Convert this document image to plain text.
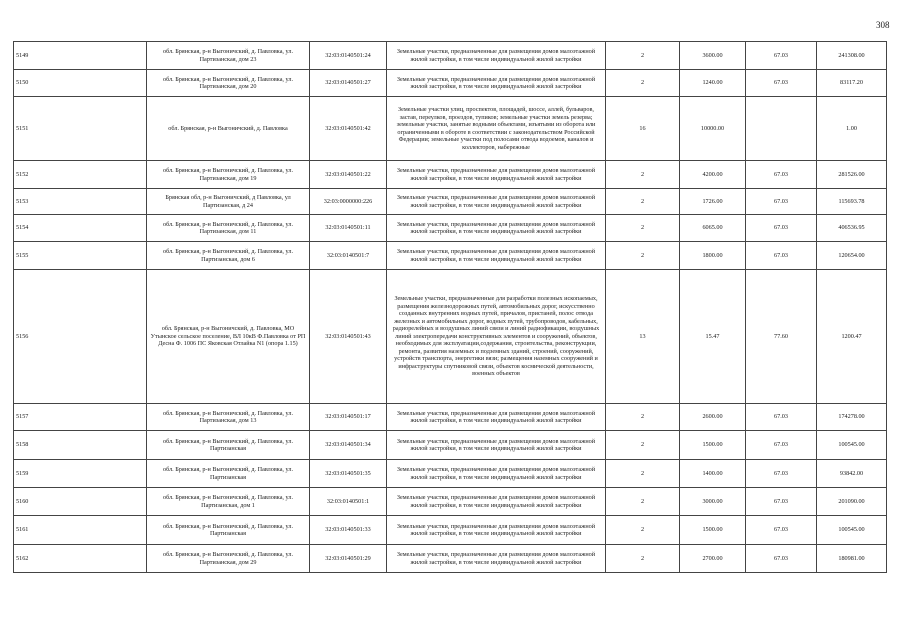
308
5149	обл. Брянская, р-н Выгоничский, д. Павловка, ул. Партизанская, дом 23	32:03:0140501:24	Земельные участки, предназначенные для размещения домов малоэтажной жилой застройки, в том числе индивидуальной жилой застройки	2	3600.00	67.03	241308.00
5150	обл. Брянская, р-н Выгоничский, д. Павловка, ул. Партизанская, дом 20	32:03:0140501:27	Земельные участки, предназначенные для размещения домов малоэтажной жилой застройки, в том числе индивидуальной жилой застройки	2	1240.00	67.03	83117.20
5151	обл. Брянская, р-н Выгоничский, д. Павловка	32:03:0140501:42	Земельные участки улиц, проспектов, площадей, шоссе, аллей, бульваров, застав, переулков, проездов, тупиков; земельные участки земель резерва; земельные участки, занятые водными объектами, изъятыми из оборота или ограниченными в обороте в соответствии с законодательством Российской Федерации; земельные участки под полосами отвода водоемов, каналов и коллекторов, набережные	16	10000.00		1.00
5152	обл. Брянская, р-н Выгоничский, д. Павловка, ул. Партизанская, дом 19	32:03:0140501:22	Земельные участки, предназначенные для размещения домов малоэтажной жилой застройки, в том числе индивидуальной жилой застройки	2	4200.00	67.03	281526.00
5153	Брянская обл, р-н Выгоничский, д Павловка, ул Партизанская, д 24	32:03:0000000:226	Земельные участки, предназначенные для размещения домов малоэтажной жилой застройки, в том числе индивидуальной жилой застройки	2	1726.00	67.03	115693.78
5154	обл. Брянская, р-н Выгоничский, д. Павловка, ул. Партизанская, дом 11	32:03:0140501:11	Земельные участки, предназначенные для размещения домов малоэтажной жилой застройки, в том числе индивидуальной жилой застройки	2	6065.00	67.03	406536.95
5155	обл. Брянская, р-н Выгоничский, д. Павловка, ул. Партизанская, дом 6	32:03:0140501:7	Земельные участки, предназначенные для размещения домов малоэтажной жилой застройки, в том числе индивидуальной жилой застройки	2	1800.00	67.03	120654.00
5156	обл. Брянская, р-н Выгоничский, д. Павловка, МО Утынское сельское поселение, ВЛ 10кВ Ф.Павловка от РП Десна Ф. 1006 ПС Яковская Отлайка N1 (опора 1.15)	32:03:0140501:43	Земельные участки, предназначенные для разработки полезных ископаемых, размещения железнодорожных путей, автомобильных дорог, искусственно созданных внутренних водных путей, причалов, пристаней, полос отвода железных и автомобильных дорог, водных путей, трубопроводов, кабельных, радиорелейных и воздушных линий связи и линий радиофикации, воздушных линий электропередачи конструктивных элементов и сооружений, объектов, необходимых для эксплуатации,содержания, строительства, реконструкции, ремонта, развития наземных и подземных зданий, строений, сооружений, устройств транспорта, энергетики вязи; размещения наземных сооружений и инфраструктуры спутниковой связи, объектов космической деятельности, военных объектов	13	15.47	77.60	1200.47
5157	обл. Брянская, р-н Выгоничский, д. Павловка, ул. Партизанская, дом 13	32:03:0140501:17	Земельные участки, предназначенные для размещения домов малоэтажной жилой застройки, в том числе индивидуальной жилой застройки	2	2600.00	67.03	174278.00
5158	обл. Брянская, р-н Выгоничский, д. Павловка, ул. Партизанская	32:03:0140501:34	Земельные участки, предназначенные для размещения домов малоэтажной жилой застройки, в том числе индивидуальной жилой застройки	2	1500.00	67.03	100545.00
5159	обл. Брянская, р-н Выгоничский, д. Павловка, ул. Партизанская	32:03:0140501:35	Земельные участки, предназначенные для размещения домов малоэтажной жилой застройки, в том числе индивидуальной жилой застройки	2	1400.00	67.03	93842.00
5160	обл. Брянская, р-н Выгоничский, д. Павловка, ул. Партизанская, дом 1	32:03:0140501:1	Земельные участки, предназначенные для размещения домов малоэтажной жилой застройки, в том числе индивидуальной жилой застройки	2	3000.00	67.03	201090.00
5161	обл. Брянская, р-н Выгоничский, д. Павловка, ул. Партизанская	32:03:0140501:33	Земельные участки, предназначенные для размещения домов малоэтажной жилой застройки, в том числе индивидуальной жилой застройки	2	1500.00	67.03	100545.00
5162	обл. Брянская, р-н Выгоничский, д. Павловка, ул. Партизанская, дом 29	32:03:0140501:29	Земельные участки, предназначенные для размещения домов малоэтажной жилой застройки, в том числе индивидуальной жилой застройки	2	2700.00	67.03	180981.00
